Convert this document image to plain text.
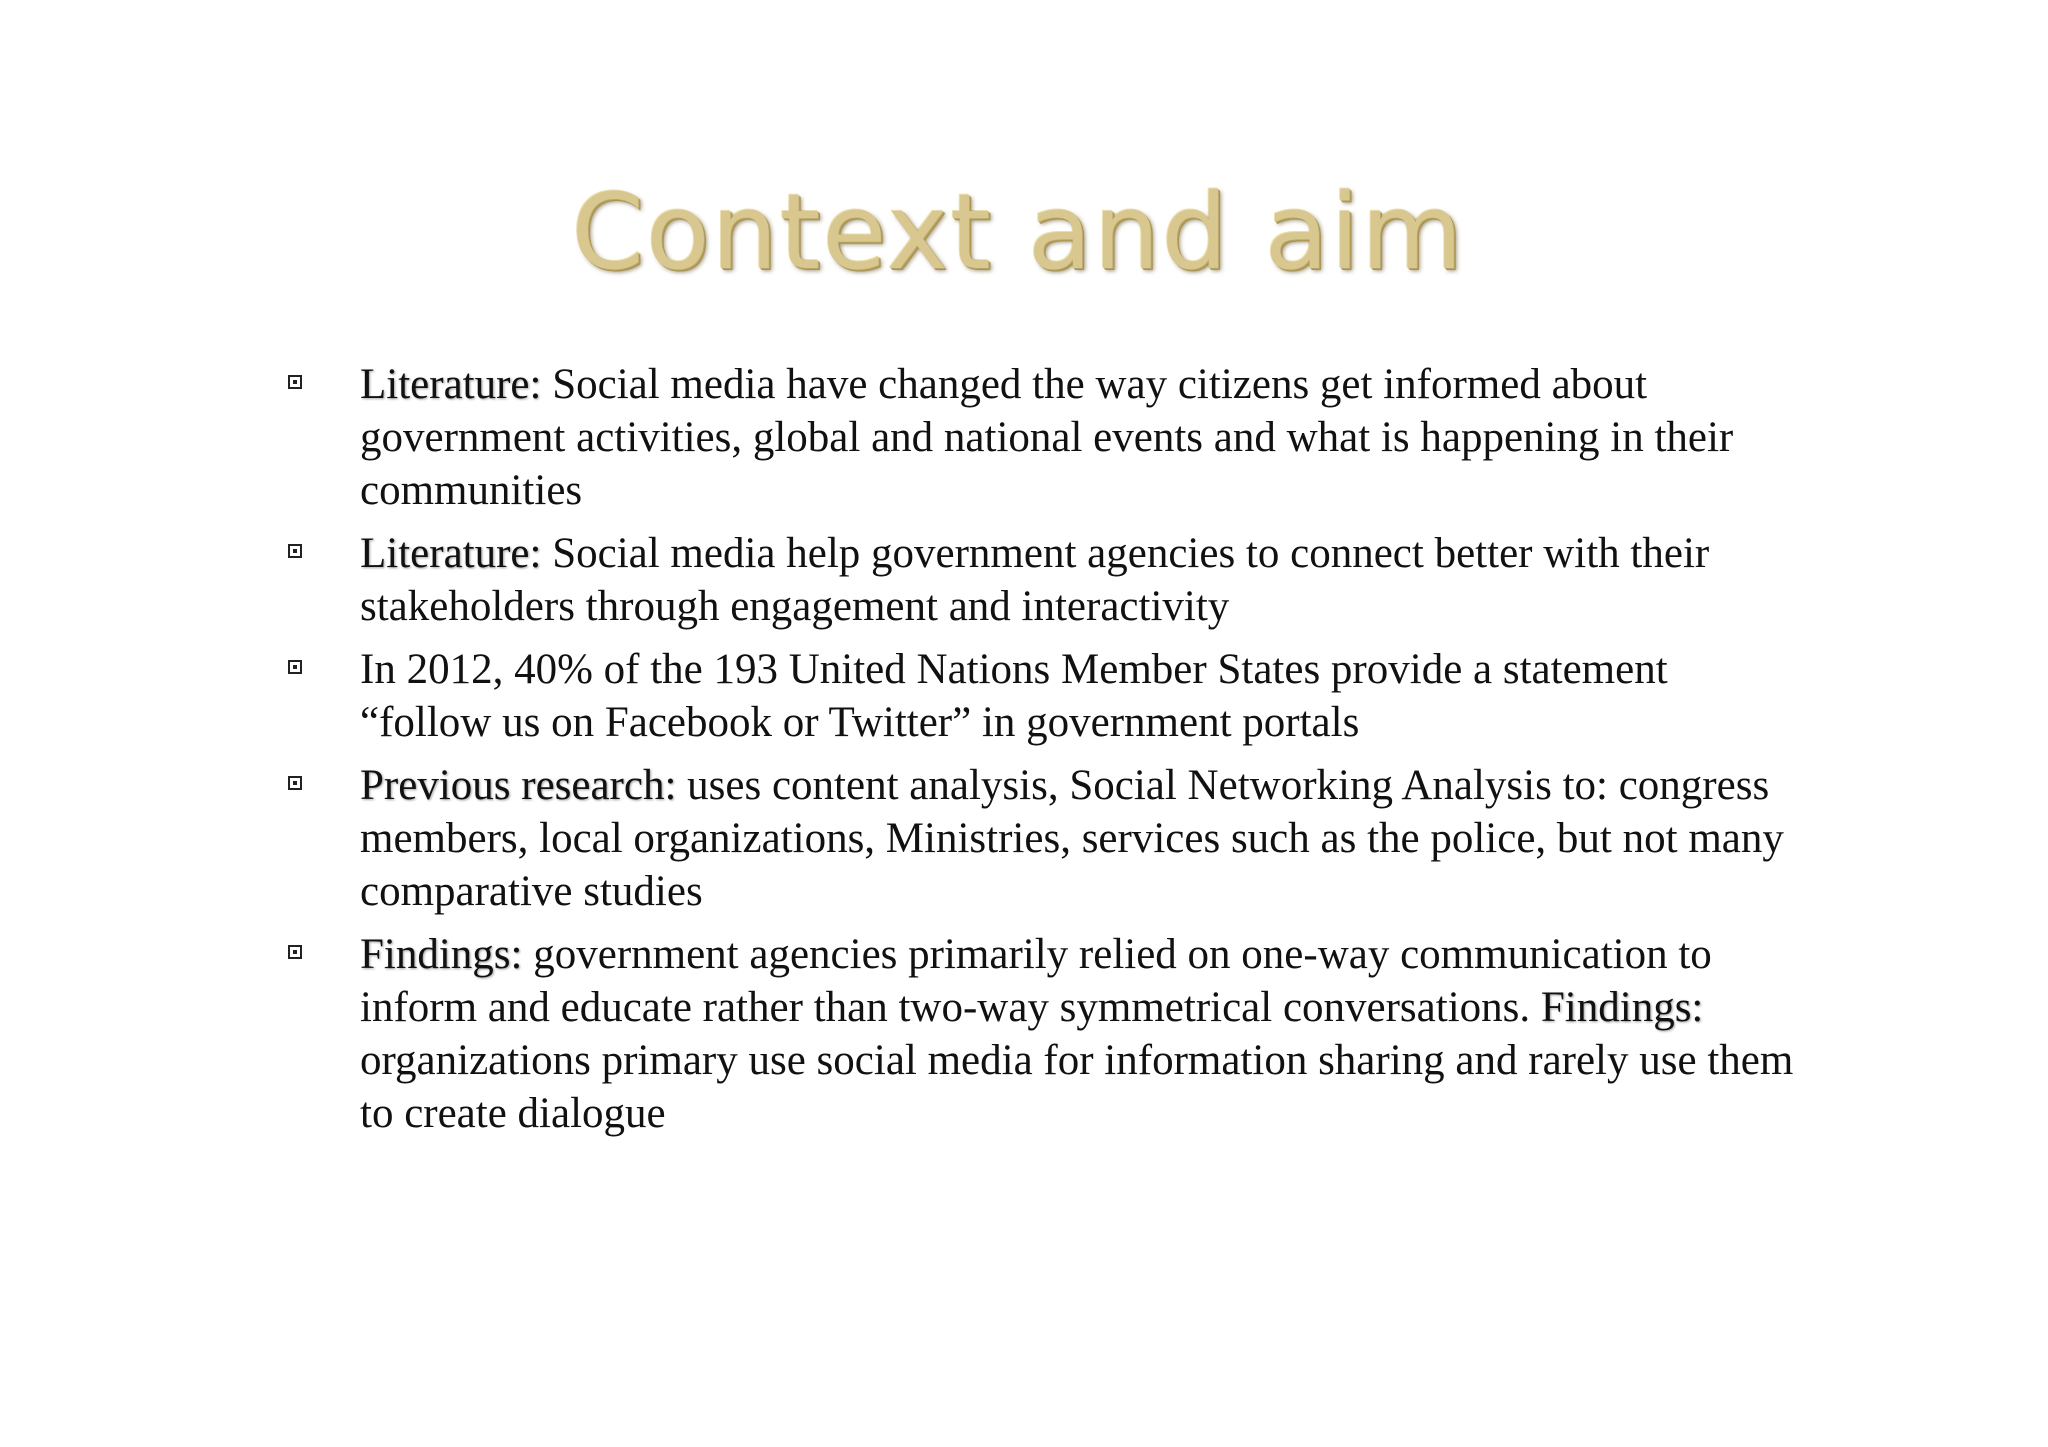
Context and aim
Literature: Social media have changed the way citizens get informed about government activities, global and national events and what is happening in their communities
Literature: Social media help government agencies to connect better with their stakeholders through engagement and interactivity
In 2012, 40% of the 193 United Nations Member States provide a statement “follow us on Facebook or Twitter” in government portals
Previous research: uses content analysis, Social Networking Analysis to: congress members, local organizations, Ministries, services such as the police, but not many comparative studies
Findings: government agencies primarily relied on one-way communication to inform and educate rather than two-way symmetrical conversations. Findings: organizations primary use social media for information sharing and rarely use them to create dialogue
